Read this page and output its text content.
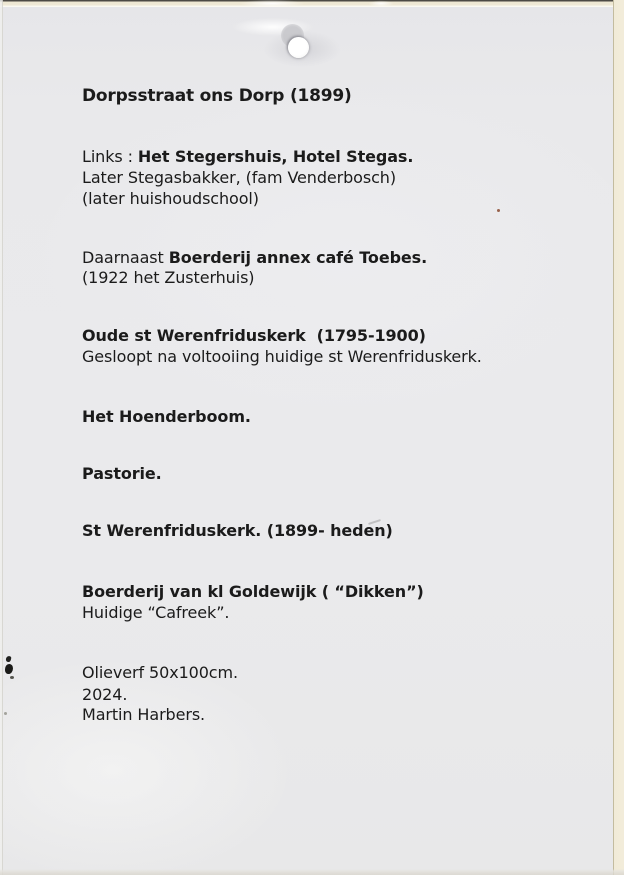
Dorpsstraat ons Dorp (1899)

Links : Het Stegershuis, Hotel Stegas.

Later Stegasbakker, (fam Venderbosch)

(later huishoudschool)

Daarnaast Boerderij annex café Toebes.

(1922 het Zusterhuis)

Oude st Werenfriduskerk  (1795-1900)

Gesloopt na voltooiing huidige st Werenfriduskerk.

Het Hoenderboom.

Pastorie.

St Werenfriduskerk. (1899- heden)

Boerderij van kl Goldewijk ( “Dikken”)

Huidige “Cafreek”.

Olieverf 50x100cm.

2024.

Martin Harbers.
